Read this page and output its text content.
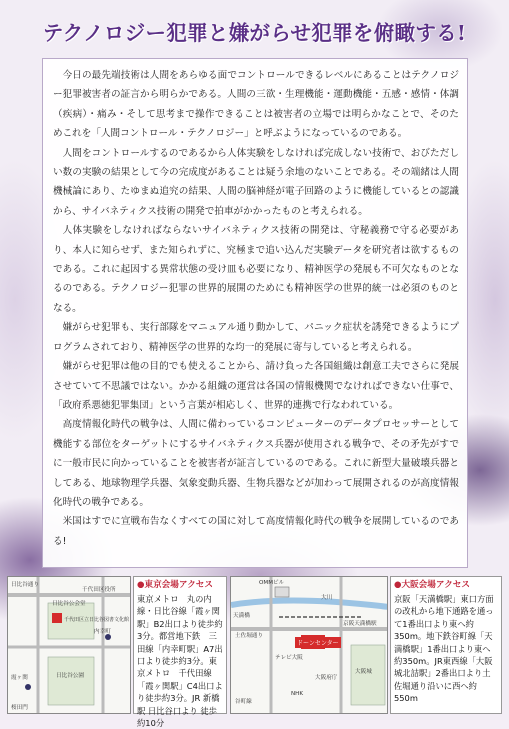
テクノロジー犯罪と嫌がらせ犯罪を俯瞰する!

今日の最先端技術は人間をあらゆる面でコントロールできるレベルにあることはテクノロジー犯罪被害者の証言から明らかである。人間の三欲・生理機能・運動機能・五感・感情・体調（疾病）・痛み・そして思考まで操作できることは被害者の立場では明らかなことで、そのためこれを「人間コントロール・テクノロジー」と呼ぶようになっているのである。

人間をコントロールするのであるから人体実験をしなければ完成しない技術で、おびただしい数の実験の結果として今の完成度があることは疑う余地のないことである。その端緒は人間機械論にあり、たゆまぬ追究の結果、人間の脳神経が電子回路のように機能しているとの認識から、サイバネティクス技術の開発で拍車がかかったものと考えられる。

人体実験をしなければならないサイバネティクス技術の開発は、守秘義務で守る必要があり、本人に知らせず、また知られずに、究極まで追い込んだ実験データを研究者は欲するものである。これに起因する異常状態の受け皿も必要になり、精神医学の発展も不可欠なものとなるのである。テクノロジー犯罪の世界的展開のためにも精神医学の世界的統一は必須のものとなる。

嫌がらせ犯罪も、実行部隊をマニュアル通り動かして、パニック症状を誘発できるようにプログラムされており、精神医学の世界的な均一的発展に寄与していると考えられる。

嫌がらせ犯罪は他の目的でも使えることから、請け負った各国組織は創意工夫でさらに発展させていて不思議ではない。かかる組織の運営は各国の情報機関でなければできない仕事で、「政府系悪徳犯罪集団」という言葉が相応しく、世界的連携で行なわれている。

高度情報化時代の戦争は、人間に備わっているコンピューターのデータプロセッサーとして機能する部位をターゲットにするサイバネティクス兵器が使用される戦争で、その矛先がすでに一般市民に向かっていることを被害者が証言しているのである。これに新型大量破壊兵器としてある、地球物理学兵器、気象変動兵器、生物兵器などが加わって展開されるのが高度情報化時代の戦争である。

米国はすでに宣戦布告なくすべての国に対して高度情報化時代の戦争を展開しているのである!

日比谷通り
日比谷公会堂
千代田区立日比谷図書文化館
内幸町
日比谷公園
霞ヶ関
桜田門
千代田区役所 ●東京会場アクセス
東京メトロ　丸の内線・日比谷線「霞ヶ関駅」B2出口より徒歩約3分。都営地下鉄　三田線「内幸町駅」A7出口より徒歩約3分。東京メトロ　千代田線「霞ヶ関駅」C4出口より徒歩約3分。JR 新橋駅 日比谷口より 徒歩約10分
OMMビル
大川
天満橋
土佐堀通り
ドーンセンター
テレビ大阪
大阪城
NHK
谷町線
大阪府庁
京阪天満橋駅
●大阪会場アクセス
京阪「天満橋駅」東口方面の改札から地下通路を通って1番出口より東へ約350m。地下鉄谷町線「天満橋駅」1番出口より東へ約350m。JR東西線「大阪城北詰駅」2番出口より土佐堀通り沿いに西へ約550m
